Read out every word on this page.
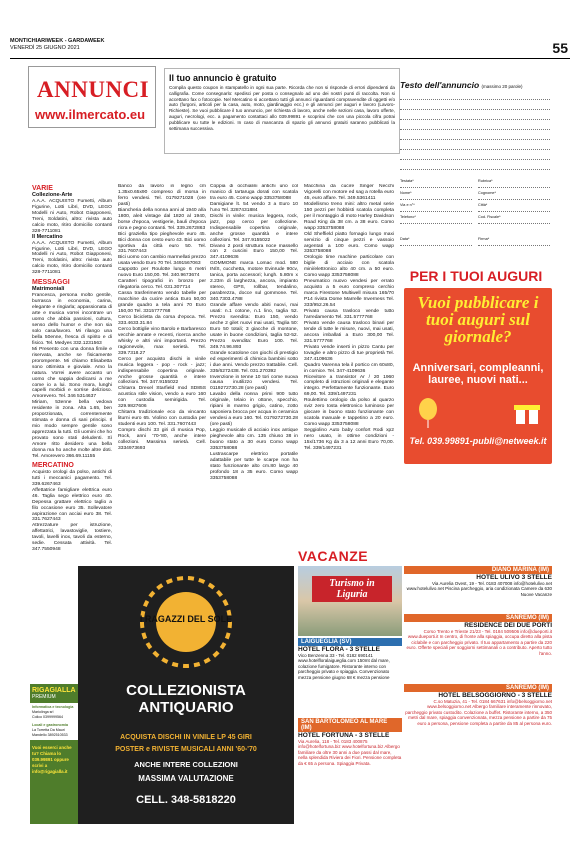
MONTICHIARIWEEK - GARDAWEEK
VENERDÌ 25 GIUGNO 2021	55
ANNUNCI
www.ilmercato.eu
Il tuo annuncio è gratuito
Compila questo coupon in stampatello in ogni sua parte. Ricorda che non si risponde di errori dipendenti da calligrafia. Come consegnarlo: spedisci per posta o consegnalo ad uno dei nostri punti di raccolta. Non si accettano fax o fotocopie. Nel Mercatino si accettano tutti gli annunci riguardanti compravendite di oggetti e/o auto (furgoni, articoli per la casa, auto, moto, giardinaggio ecc.) e gli annunci per auguri e lavoro (Lavoro-Richieste). Se vuoi pubblicare il tuo annuncio, per richiesta di lavoro, anche nelle sezioni casa, lavoro offerte, auguri, necrologi, ecc. a pagamento contattaci allo 039.99891 e scoprirai che con una piccola cifra potrai pubblicare su tutte le edizioni. In caso di mancanza di spazio gli annunci gratuiti saranno pubblicati la settimana successiva.
Testo dell'annuncio (massimo 20 parole)
Testata*	Rubrica*
Nome*	Cognome*
Via e n°*	Città*
Telefono*	Cod. Fiscale*
Data*	Firma*
VARIE
Collezione-Arte
A.A.A. ACQUISTO Fumetti, Album Figurine, Lotti Libri, DVD, LEGO Modelli ni Auto, Robot Giapponesi, Treni, Soldatini, altro: rivista auto calcio moto, ritiro domicilio contanti 328-7711081
Il Mercatino
A.A.A. ACQUISTO Fumetti, Album Figurine, Lotti Libri, DVD, LEGO Modelli ni Auto, Robot Giapponesi, Treni, Soldatini, altro: rivista auto calcio moto, ritiro domicilio contanti 328-7711081
MESSAGGI
Matrimoniali
Francesca, persona molto gentile, burrasca in economia, carina, elegante e ringiarla; appassionata di arte e musica vorrei incontrare un uomo che abbia passioni, cultura, senso dello humor e che non sia solo casa/lavoro. Mi rilango una bella 50enne, fresca di spirito e di fisico. Tel. Medyes 332.1231563
Mi Presento con una donna fimile e riservata, anche se fisicamente prorompente. Mi chiamo Elisabetta sono ottimista e gioviale. Amo la natura. Vorrei avere accanto un uomo che sappia dedicarsi a me come io a lui. Sono mora, lunghi capelli morbidi e sorrise delizioso. Amorevero. Tel. 346 5314637
Miriam, 53enne bella vedova residente in zona. Alta 1.65, ben proporzionata, correntemente stimata e donna di sani principi. Il mio modo sempre gentile sono apprezzata la tutti. Gli uomini che ho provato sono stati deludenti. Sì Amore ritto desidero una bella donna ma ho anche molte altre doti. Tel. Amorevero 366.69.11155
MERCATINO
Acquisto orologi da polso, antichi di tutti i meccanici pagamento. Tel. 339.6267463
Affettatrice famigliare elettrica euro 46. Taglia sego elettrico euro 40. Depessa grattare elettrico taglio a filo occasione euro 35. Sollevatore aspirazione con acciai euro 38. Tel. 331.7627443
Attrezzature per istruzione, affettatrici, lavastoviglie, tostiere, tavoli, lavelli inox, tavoli da esterno, sedie. Cessata attività. Tel. 347.7550948
Banco da lavoro in legno cm 1.35x0.65x90 compreso di morsa in ferro vendesi. Tel. 0179271028 (ore pasti)
Biancheria della nonna anni al 1940 al/a 1800, aleit vintage dal 1820 al 1940, borse d'epoca, vestigerie, bauli d'epoca ricra e pegno contanti. Tel. 339.2672863
Bici graziella tipo pieghevole euro 45. Bici donna con cesto euro 43. Bici uomo sportiva da città euro 50. Tel. 331.7607443
Bici uomo con cambio marmellati prezzo usata vendo Euro 70 Tel. 3491567063
Cappotto per Roulotte lungo 6 metri nuovo Euro 150,00. Tel. 340.9673674
Caratteri tipografici in bronzo per rilegatoria cerco. Tel. 031.307714
Cassa trasferimento vendo tabelle per macchine da cucire antica Euro 50,00 grande quadro a tela anni 70 Euro 150,00 Tel. 3315777768
Cerco bicicletta da corsa d'epoca. Tel. 333.4633.31.84
Cerco bottiglie vino Barolo e Barbaresco vecchie annate e recenti, ricerca anche whisky e altri vini importanti. Prezzo ragionevole, max serietà. Tel. 339.7318.27
Cerco per acquisto dischi in vinile musica leggera - pop - rock - jazz; indispensabile copertina originale. Anche grosse quantità e intere collezioni. Tel. 347.9155022
Chitarra Drexel Starfield mod SD85S acustica stile vision, vendo a euro 160 con custodia semirigida. Tel. 329.9827606
Chitarra tradizionale eco da vincanto liturni euro 65. Violino con custodia per studenti euro 100. Tel. 331.7607443
Compro dischi 33 giri di musica Pop, Rock, anni '70-'80, anche intere collezioni. Massima serietà. Cell. 3334973693
Coppia di occhialini antichi uno col manico di tartaruga dorati con scatola tra euro 45. Como wapp 3353758088
Damigiane lt. 54 vendo 3 a Euro 10 l'uno Tel. 3287431884
Dischi in vinile: musica leggera, rock, jazz, pop cerco per collezione. Indispensabile copertina originale, anche grosse quantità e intere collezioni. Tel. 347.9155022
Divano 2 posti struttura noce massello con 2 cuscini Euro 150,00 Tel. 347.4109636
GOMMONE marca Lomac mod. 580 IN/S, cucchetta, motore Evinrude 90cv, tanica, porta accessori; lungh. 5.80m x 2.23m di larghezza, ancora, impianto stereo, GPS, rollbar, tendalino, parabrezza, docce sul gommone. Tel. 340.7303.4788
Grande affare vendo abiti nuovi, mai usati: n.1 cotone, n.1 lino, taglia 52. Prezzo svendita: Euro 150, vendo anche 2 gilet nuovi mai usati, Taglia 50: Euro 50 totali; 3 giacche di montone, usate in buone condizioni, taglia 52-52. Prezzo svendita: Euro 100. Tel. 349.74.96.893
Grande scatolone con giochi di prestigio ed esperimenti di chimica bambini sotto i due anni. Vendo prezzo trattabile. Cell. 335/6272438. Tel. 031.270392
Invenzione in tenne 10 tori come nuova causa inutilizzo vendesi. Tel. 0119272730.28 (ore pasti)
Lavabo della nonna primi 900 tutto originale, telaio in ottone, specchio, ripiani in marmo grigio, catino, zotto saponiera brocca per acqua in ceramica vendesi a euro 160. Tel. 0179272730.28 (ore pasti)
Leggio musicale di acciaio inox antique pieghevole alto cm. 135 chiuso 38 in buono stato a 30 euro Como wapp 3353758088
Lustrascarpe elettrico portatile adattabile per tutte le scarpe non ha stato funzionante alto cm.80 largo 40 profondo 18 a 35 euro. Como wapp 3353758088
Macchina da cucire Singer Necchi Vigorelli con motore ed sag a rotella euro 45, euro affare. Tel. 349.5361411
Modellismo treno mini: altro metal serie 150 pezzi per hobbisti scatola completa per il montaggio di moto Harley Davidson Road King da 38 cm. a 38 euro. Como wapp 3353758088
Old Sheffield piatto fornagio lungo maxi servizio di cinque pezzi e vassoio argentati a 100 euro. Como wapp 3353758088
Orologio time machine particolare con biglie di acciaio con scatola mini/elettronico alto 40 cm. a 50 euro. Como wapp 3353758088
Pneumatico nuovo vendesi per errato acquisto a 5 euro compreso cerchio marca Firestone Multiwell misura 165/70 P14 rivista Dome Marrelle Inverness Tel. 333/952.26.54
Privato causa trasloco vende tutto l'arredamento Tel. 331.5777768
Privato vende causa trasloco binari per tende di tutte le misure, nuovi, mai usati, ancora imballati a Euro 300,00 Tel. 331.5777768
Privato vende inserti in pizzo Cantu per tovaglie e altro pizzo di tue proprietà Tel. 347.4109636
Quadro Varenna tela il portico cm 60x80, in cornice. Tel. 347-4109636
Ricevitore a transistor Ar / 20 1960 completo di istruzioni originali e elegante integro. Perfettamente funzionante. Euro 69,00. Tel. 339/1497231
Roulettimo orologio da polso al quarzo sviz zero tosta elettronico luminoso per giocare in buono stato funzionante con scatola manuale e tappetino a 20 euro. Como wapp 3353758088
Seggiolino Auto baby confort Rodi xp2 nero usato, in ottime condizioni - 15x/1736 Kg da 3 a 12 anni Euro 70,00. Tel. 339/1497231
PER I TUOI AUGURI
Vuoi pubblicare i tuoi auguri sul giornale?
Anniversari, compleanni, lauree, nuovi nati...
Tel. 039.99891-publi@netweek.it
VACANZE
I RAGAZZI DEL SOLE
COLLEZIONISTA ANTIQUARIO
ACQUISTA DISCHI IN VINILE LP 45 GIRI
POSTER e RIVISTE MUSICALI ANNI '60-'70
ANCHE INTERE COLLEZIONI
MASSIMA VALUTAZIONE
CELL. 348-5818220
RIGAGIALLA
PREMIUM
Informatica e tecnologia
Mariolinga srl
Colico 0399999564
Locali e gastronomia
La Torretta Da Mauri
Mandello 3892510533
Vuoi esserci anche tu? Chiama lo 039.99891 oppure scrivi a info@rigagialla.it
Turismo in Liguria
DIANO MARINA (IM)
HOTEL ULIVO 3 STELLE
Via Aurelia Ovest, 19 - Tel. 0183 407008 info@hotelulivo.net www.hotelulivo.net Piscina parcheggio, aria condizionata Camere da 630 Nuove Vacanze
SANREMO (IM)
RESIDENCE DEI DUE PORTI
Corso Trento e Trieste 21/23 - Tel. 0184 509506 info@dueporti.it www.dueporti.it In centro, di fronte alla spiaggia, occupa diretto alla pista ciclabile e con parcheggio privato. Il tuo appartamento a partire da 220 euro. Offerte speciali per soggiorni settimanali o a contributo. Aperto tutto l'anno.
LAIGUEGLIA (SV)
HOTEL FLORA - 3 STELLE
Vico Benzenna 33 - Tel. 0182 690141 www.hotelfloralaigueglia.com 150mt dal mare, colazione fumigatore. Ristorante interno con parcheggio privato e spiaggia. Convenzionato mezza pensione giugno 68 € mezza pensione
SANREMO (IM)
HOTEL BELSOGGIORNO - 3 STELLE
C.so Matuzia, 41 - Tel. 0184 667631 info@belsoggiorno.net www.belsoggiorno.net Albergo familiare interamente rinnovato, parcheggio privato custodito. Colazione a buffet. Ristorante interno, a 350 metri dal mare, spiaggia convenzionata, mezza pensione a partire da 75 euro a persona, pensione completa a partire da 85 al persona euro.
SAN BARTOLOMEO AL MARE (IM)
HOTEL FORTUNA - 3 STELLE
Via Aurelia, 118 - Tel. 0183 400875 info@hotelfortuna.biz www.hotelfortuna.biz Albergo familiare da oltre 30 anni a due passi dal mare, nella splendida Riviera dei Fiori. Pensione completa da € 65 a persona. Spiaggia Privata.
